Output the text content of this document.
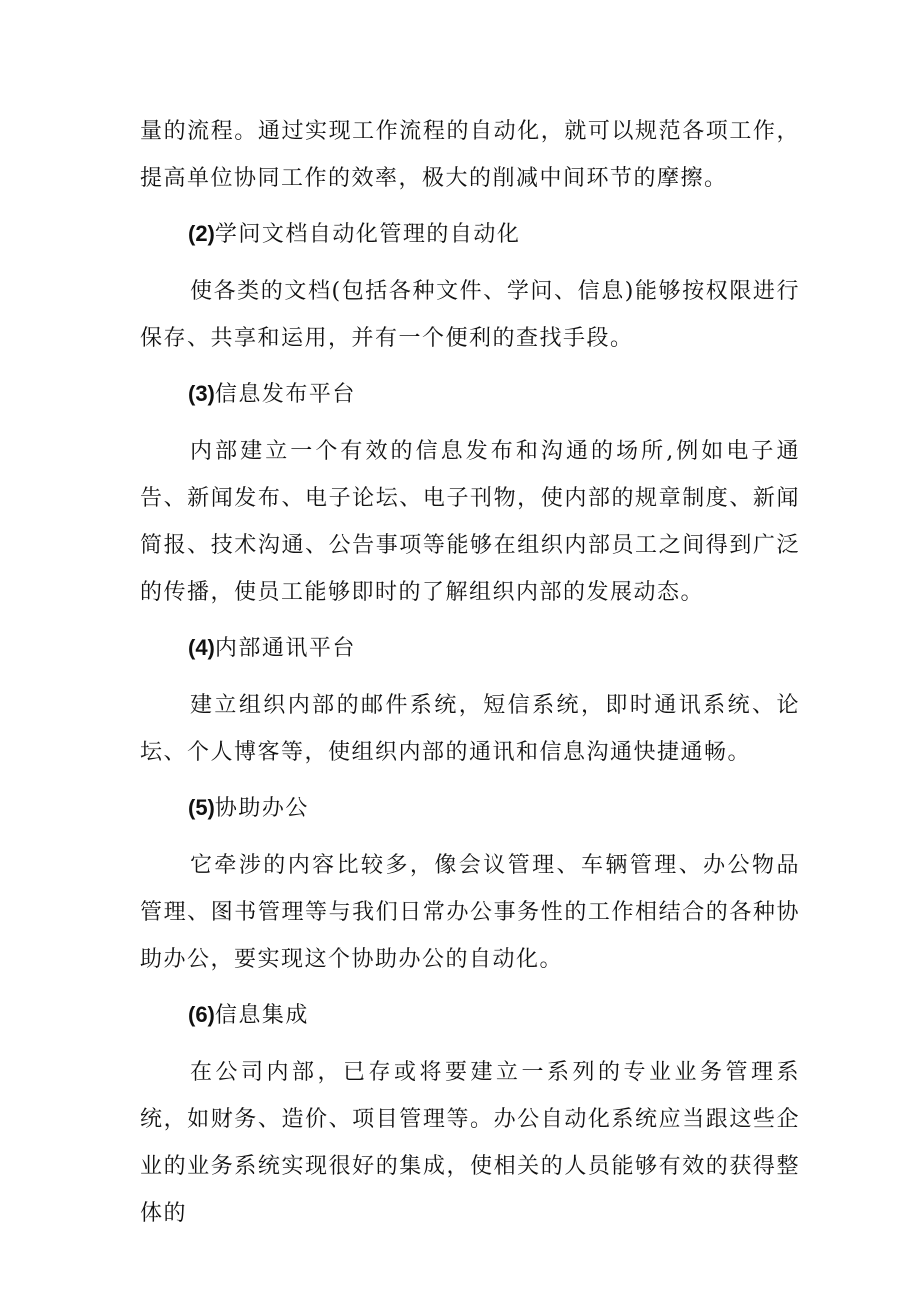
量的流程。通过实现工作流程的自动化，就可以规范各项工作，提高单位协同工作的效率，极大的削减中间环节的摩擦。

(2)学问文档自动化管理的自动化

使各类的文档(包括各种文件、学问、信息)能够按权限进行保存、共享和运用，并有一个便利的查找手段。

(3)信息发布平台

内部建立一个有效的信息发布和沟通的场所,例如电子通告、新闻发布、电子论坛、电子刊物，使内部的规章制度、新闻简报、技术沟通、公告事项等能够在组织内部员工之间得到广泛的传播，使员工能够即时的了解组织内部的发展动态。

(4)内部通讯平台

建立组织内部的邮件系统，短信系统，即时通讯系统、论坛、个人博客等，使组织内部的通讯和信息沟通快捷通畅。

(5)协助办公

它牵涉的内容比较多，像会议管理、车辆管理、办公物品管理、图书管理等与我们日常办公事务性的工作相结合的各种协助办公，要实现这个协助办公的自动化。

(6)信息集成

在公司内部，已存或将要建立一系列的专业业务管理系统，如财务、造价、项目管理等。办公自动化系统应当跟这些企业的业务系统实现很好的集成，使相关的人员能够有效的获得整体的
